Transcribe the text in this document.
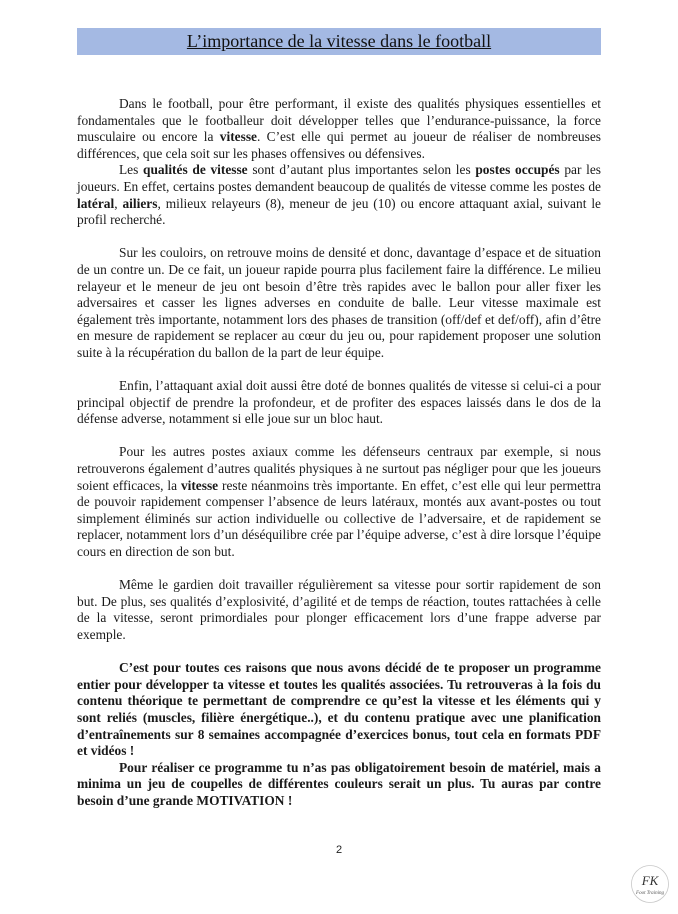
L’importance de la vitesse dans le football

Dans le football, pour être performant, il existe des qualités physiques essentielles et fondamentales que le footballeur doit développer telles que l’endurance-puissance, la force musculaire ou encore la vitesse. C’est elle qui permet au joueur de réaliser de nombreuses différences, que cela soit sur les phases offensives ou défensives.

Les qualités de vitesse sont d’autant plus importantes selon les postes occupés par les joueurs. En effet, certains postes demandent beaucoup de qualités de vitesse comme les postes de latéral, ailiers, milieux relayeurs (8), meneur de jeu (10) ou encore attaquant axial, suivant le profil recherché.

Sur les couloirs, on retrouve moins de densité et donc, davantage d’espace et de situation de un contre un. De ce fait, un joueur rapide pourra plus facilement faire la différence. Le milieu relayeur et le meneur de jeu ont besoin d’être très rapides avec le ballon pour aller fixer les adversaires et casser les lignes adverses en conduite de balle. Leur vitesse maximale est également très importante, notamment lors des phases de transition (off/def et def/off), afin d’être en mesure de rapidement se replacer au cœur du jeu ou, pour rapidement proposer une solution suite à la récupération du ballon de la part de leur équipe.

Enfin, l’attaquant axial doit aussi être doté de bonnes qualités de vitesse si celui-ci a pour principal objectif de prendre la profondeur, et de profiter des espaces laissés dans le dos de la défense adverse, notamment si elle joue sur un bloc haut.

Pour les autres postes axiaux comme les défenseurs centraux par exemple, si nous retrouverons également d’autres qualités physiques à ne surtout pas négliger pour que les joueurs soient efficaces, la vitesse reste néanmoins très importante. En effet, c’est elle qui leur permettra de pouvoir rapidement compenser l’absence de leurs latéraux, montés aux avant-postes ou tout simplement éliminés sur action individuelle ou collective de l’adversaire, et de rapidement se replacer, notamment lors d’un déséquilibre crée par l’équipe adverse, c’est à dire lorsque l’équipe cours en direction de son but.

Même le gardien doit travailler régulièrement sa vitesse pour sortir rapidement de son but. De plus, ses qualités d’explosivité, d’agilité et de temps de réaction, toutes rattachées à celle de la vitesse, seront primordiales pour plonger efficacement lors d’une frappe adverse par exemple.

C’est pour toutes ces raisons que nous avons décidé de te proposer un programme entier pour développer ta vitesse et toutes les qualités associées. Tu retrouveras à la fois du contenu théorique te permettant de comprendre ce qu’est la vitesse et les éléments qui y sont reliés (muscles, filière énergétique..), et du contenu pratique avec une planification d’entraînements sur 8 semaines accompagnée d’exercices bonus, tout cela en formats PDF et vidéos !

Pour réaliser ce programme tu n’as pas obligatoirement besoin de matériel, mais a minima un jeu de coupelles de différentes couleurs serait un plus. Tu auras par contre besoin d’une grande MOTIVATION !

2
FK
Foot Training
